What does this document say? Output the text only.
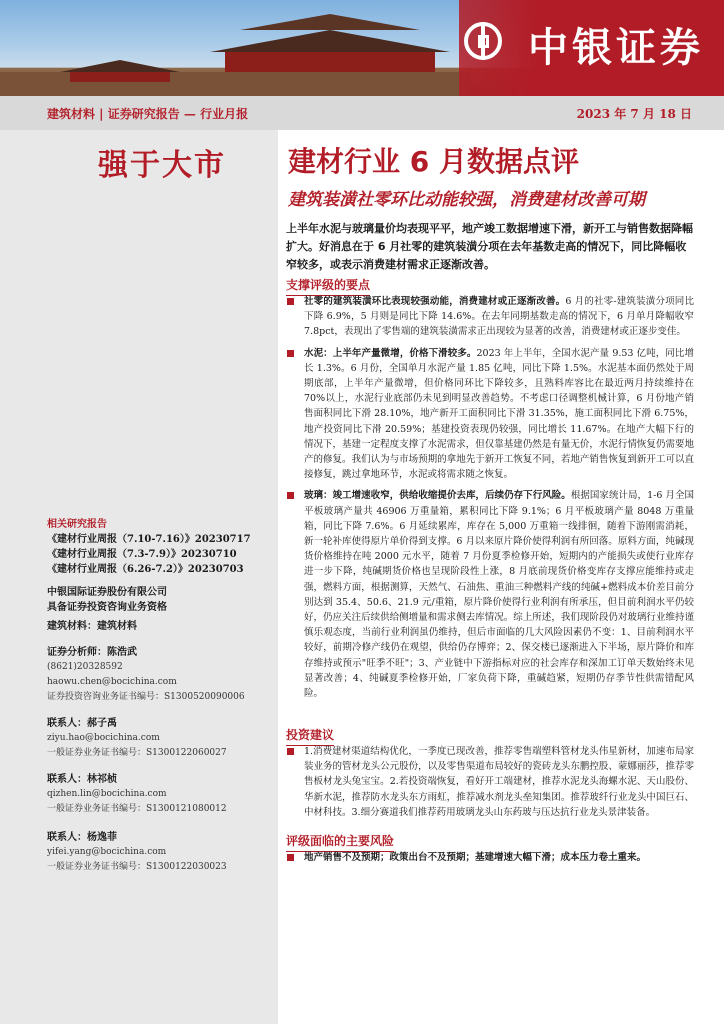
中银证券
建筑材料 | 证券研究报告 — 行业月报	2023 年 7 月 18 日
强于大市 建材行业 6 月数据点评
建筑装潢社零环比动能较强，消费建材改善可期
上半年水泥与玻璃量价均表现平平，地产竣工数据增速下滑，新开工与销售数据降幅扩大。好消息在于 6 月社零的建筑装潢分项在去年基数走高的情况下，同比降幅收窄较多，或表示消费建材需求正逐渐改善。
支撑评级的要点

社零的建筑装潢环比表现较强动能，消费建材或正逐渐改善。6 月的社零-建筑装潢分项同比下降 6.9%，5 月则是同比下降 14.6%。在去年同期基数走高的情况下，6 月单月降幅收窄 7.8pct，表现出了零售端的建筑装潢需求正出现较为显著的改善，消费建材或正逐步变佳。

水泥：上半年产量微增，价格下滑较多。2023 年上半年，全国水泥产量 9.53 亿吨，同比增长 1.3%。6 月份，全国单月水泥产量 1.85 亿吨，同比下降 1.5%。水泥基本面仍然处于周期底部，上半年产量微增，但价格同环比下降较多，且熟料库容比在最近两月持续维持在 70%以上，水泥行业底部仍未见到明显改善趋势。不考虑口径调整机械计算，6 月份地产销售面积同比下滑 28.10%，地产新开工面积同比下滑 31.35%，施工面积同比下滑 6.75%，地产投资同比下滑 20.59%；基建投资表现仍较强，同比增长 11.67%。在地产大幅下行的情况下，基建一定程度支撑了水泥需求，但仅靠基建仍然是有量无价，水泥行情恢复仍需要地产的修复。我们认为与市场预期的拿地先于新开工恢复不同，若地产销售恢复到新开工可以直接修复，跳过拿地环节，水泥或将需求随之恢复。

玻璃：竣工增速收窄，供给收缩提价去库，后续仍存下行风险。根据国家统计局，1-6 月全国平板玻璃产量共 46906 万重量箱，累积同比下降 9.1%；6 月平板玻璃产量 8048 万重量箱，同比下降 7.6%。6 月延续累库，库存在 5,000 万重箱一线排徊，随着下游刚需消耗，新一轮补库使得原片单价得到支撑。6 月以来原片降价使得利润有所回落。原料方面，纯碱现货价格维持在吨 2000 元水平，随着 7 月份夏季检修开始，短期内的产能损失或使行业库存进一步下降，纯碱期货价格也呈现阶段性上涨，8 月底前现货价格变库存支撑应能维持或走强，燃料方面，根据测算，天然气、石油焦、重油三种燃料产线的纯碱+燃料成本价差目前分别达到 35.4、50.6、21.9 元/重箱，原片降价使得行业利润有所承压，但目前利润水平仍较好，仍应关注后续供给侧增量和需求侧去库情况。综上所述，我们现阶段仍对玻璃行业维持谨慎乐观态度，当前行业利润虽仍维持，但后市面临的几大风险因素仍不变：1、目前利润水平较好，前期冷修产线仍在观望，供给仍存博弈；2、保交楼已逐渐进入下半场，原片降价和库存维持或预示"旺季不旺"；3、产业链中下游指标对应的社会库存和深加工订单天数始终未见显著改善；4、纯碱夏季检修开始，厂家负荷下降，重碱趋紧，短期仍存季节性供需错配风险。

投资建议

1.消费建材渠道结构优化，一季度已现改善，推荐零售端塑料管材龙头伟星新材，加速布局家装业务的管材龙头公元股份，以及零售渠道布局较好的瓷砖龙头东鹏控股、蒙娜丽莎，推荐零售板材龙头兔宝宝。2.若投资端恢复，看好开工端建材，推荐水泥龙头海螺水泥、天山股份、华新水泥，推荐防水龙头东方雨虹，推荐减水剂龙头垒知集团。推荐玻纤行业龙头中国巨石、中材科技。3.细分赛道我们推荐药用玻璃龙头山东药玻与压达抗行业龙头景津装备。

评级面临的主要风险

地产销售不及预期；政策出台不及预期；基建增速大幅下滑；成本压力卷土重来。

相关研究报告
《建材行业周报（7.10-7.16）》20230717
《建材行业周报（7.3-7.9）》20230710
《建材行业周报（6.26-7.2）》20230703
中银国际证券股份有限公司
具备证券投资咨询业务资格
建筑材料：建筑材料
证券分析师：陈浩武
(8621)20328592
haowu.chen@bocichina.com
证券投资咨询业务证书编号：S1300520090006
联系人：郝子禹
ziyu.hao@bocichina.com
一般证券业务证书编号：S1300122060027
联系人：林祁桢
qizhen.lin@bocichina.com
一般证券业务证书编号：S1300121080012
联系人：杨逸菲
yifei.yang@bocichina.com
一般证券业务证书编号：S1300122030023
